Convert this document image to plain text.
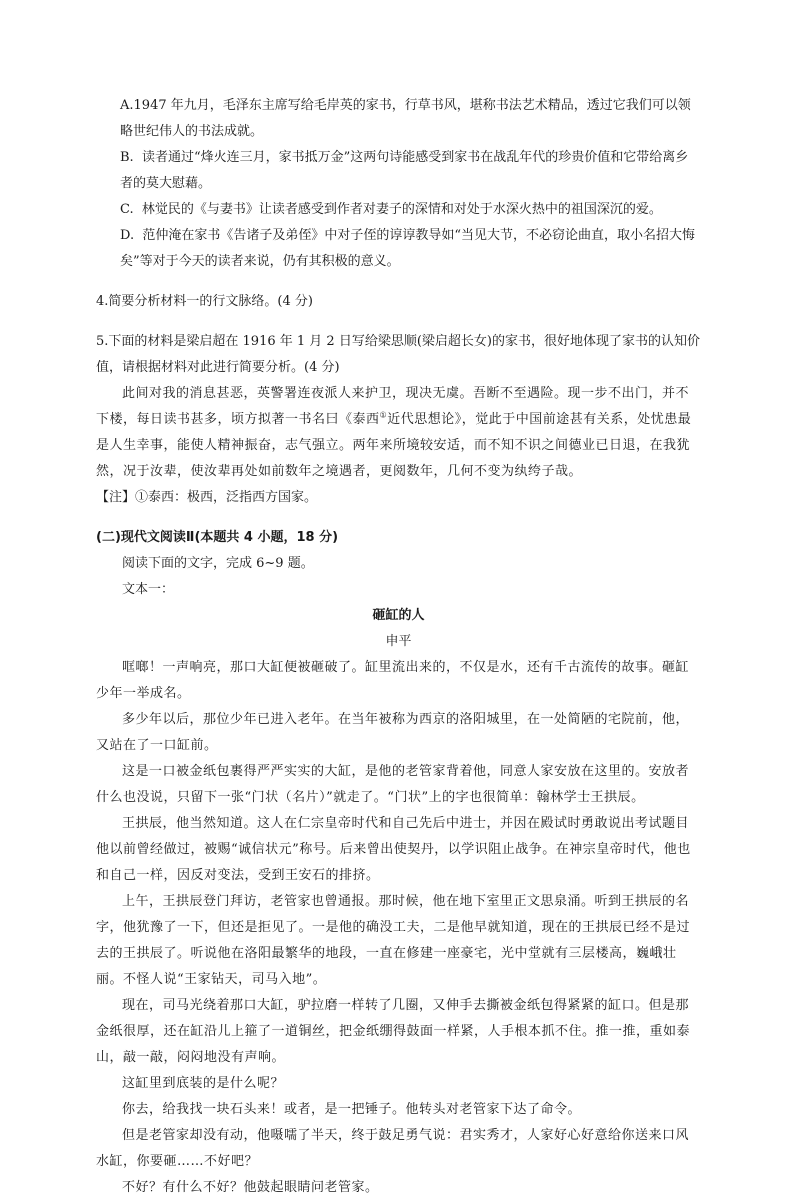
A.1947 年九月，毛泽东主席写给毛岸英的家书，行草书风，堪称书法艺术精品，透过它我们可以领略世纪伟人的书法成就。

B. 读者通过“烽火连三月，家书抵万金”这两句诗能感受到家书在战乱年代的珍贵价值和它带给离乡者的莫大慰藉。

C. 林觉民的《与妻书》让读者感受到作者对妻子的深情和对处于水深火热中的祖国深沉的爱。

D. 范仲淹在家书《告诸子及弟侄》中对子侄的谆谆教导如“当见大节，不必窃论曲直，取小名招大悔矣”等对于今天的读者来说，仍有其积极的意义。

4.简要分析材料一的行文脉络。(4 分)

5.下面的材料是梁启超在 1916 年 1 月 2 日写给梁思顺(梁启超长女)的家书，很好地体现了家书的认知价值，请根据材料对此进行简要分析。(4 分)

此间对我的消息甚恶，英警署连夜派人来护卫，现决无虞。吾断不至遇险。现一步不出门，并不下楼，每日读书甚多，顷方拟著一书名曰《泰西①近代思想论》，觉此于中国前途甚有关系，处忧患最是人生幸事，能使人精神振奋，志气强立。两年来所境较安适，而不知不识之间德业已日退，在我犹然，况于汝辈，使汝辈再处如前数年之境遇者，更阅数年，几何不变为纨绔子哉。

【注】①泰西：极西，泛指西方国家。

(二)现代文阅读Ⅱ(本题共 4 小题，18 分)

阅读下面的文字，完成 6~9 题。

文本一：

砸缸的人

申平

哐啷！一声响亮，那口大缸便被砸破了。缸里流出来的，不仅是水，还有千古流传的故事。砸缸少年一举成名。

多少年以后，那位少年已进入老年。在当年被称为西京的洛阳城里，在一处简陋的宅院前，他，又站在了一口缸前。

这是一口被金纸包裹得严严实实的大缸，是他的老管家背着他，同意人家安放在这里的。安放者什么也没说，只留下一张“门状（名片）”就走了。“门状”上的字也很简单：翰林学士王拱辰。

王拱辰，他当然知道。这人在仁宗皇帝时代和自己先后中进士，并因在殿试时勇敢说出考试题目他以前曾经做过，被赐“诚信状元”称号。后来曾出使契丹，以学识阻止战争。在神宗皇帝时代，他也和自己一样，因反对变法，受到王安石的排挤。

上午，王拱辰登门拜访，老管家也曾通报。那时候，他在地下室里正文思泉涌。听到王拱辰的名字，他犹豫了一下，但还是拒见了。一是他的确没工夫，二是他早就知道，现在的王拱辰已经不是过去的王拱辰了。听说他在洛阳最繁华的地段，一直在修建一座豪宅，光中堂就有三层楼高，巍峨壮丽。不怪人说“王家钻天，司马入地”。

现在，司马光绕着那口大缸，驴拉磨一样转了几圈，又伸手去撕被金纸包得紧紧的缸口。但是那金纸很厚，还在缸沿儿上箍了一道铜丝，把金纸绷得鼓面一样紧，人手根本抓不住。推一推，重如泰山，敲一敲，闷闷地没有声响。

这缸里到底装的是什么呢？

你去，给我找一块石头来！或者，是一把锤子。他转头对老管家下达了命令。

但是老管家却没有动，他嗫嚅了半天，终于鼓足勇气说：君实秀才，人家好心好意给你送来口风水缸，你要砸……不好吧？

不好？有什么不好？他鼓起眼睛问老管家。
